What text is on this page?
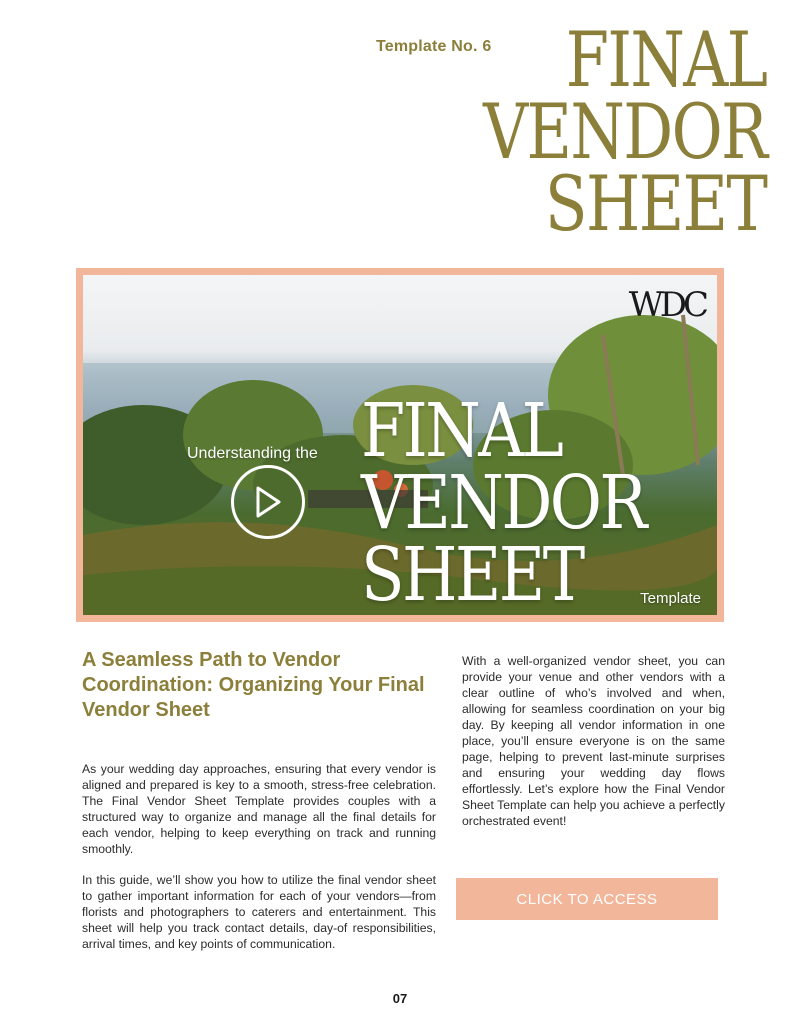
Template No. 6 FINAL
VENDOR
SHEET
WDC
Understanding the FINAL
VENDOR
SHEET	Template
A Seamless Path to Vendor Coordination: Organizing Your Final Vendor Sheet
As your wedding day approaches, ensuring that every vendor is aligned and prepared is key to a smooth, stress-free celebration. The Final Vendor Sheet Template provides couples with a structured way to organize and manage all the final details for each vendor, helping to keep everything on track and running smoothly.
In this guide, we’ll show you how to utilize the final vendor sheet to gather important information for each of your vendors—from florists and photographers to caterers and entertainment. This sheet will help you track contact details, day-of responsibilities, arrival times, and key points of communication.
With a well-organized vendor sheet, you can provide your venue and other vendors with a clear outline of who’s involved and when, allowing for seamless coordination on your big day. By keeping all vendor information in one place, you’ll ensure everyone is on the same page, helping to prevent last-minute surprises and ensuring your wedding day flows effortlessly. Let’s explore how the Final Vendor Sheet Template can help you achieve a perfectly orchestrated event!
CLICK TO ACCESS
07
